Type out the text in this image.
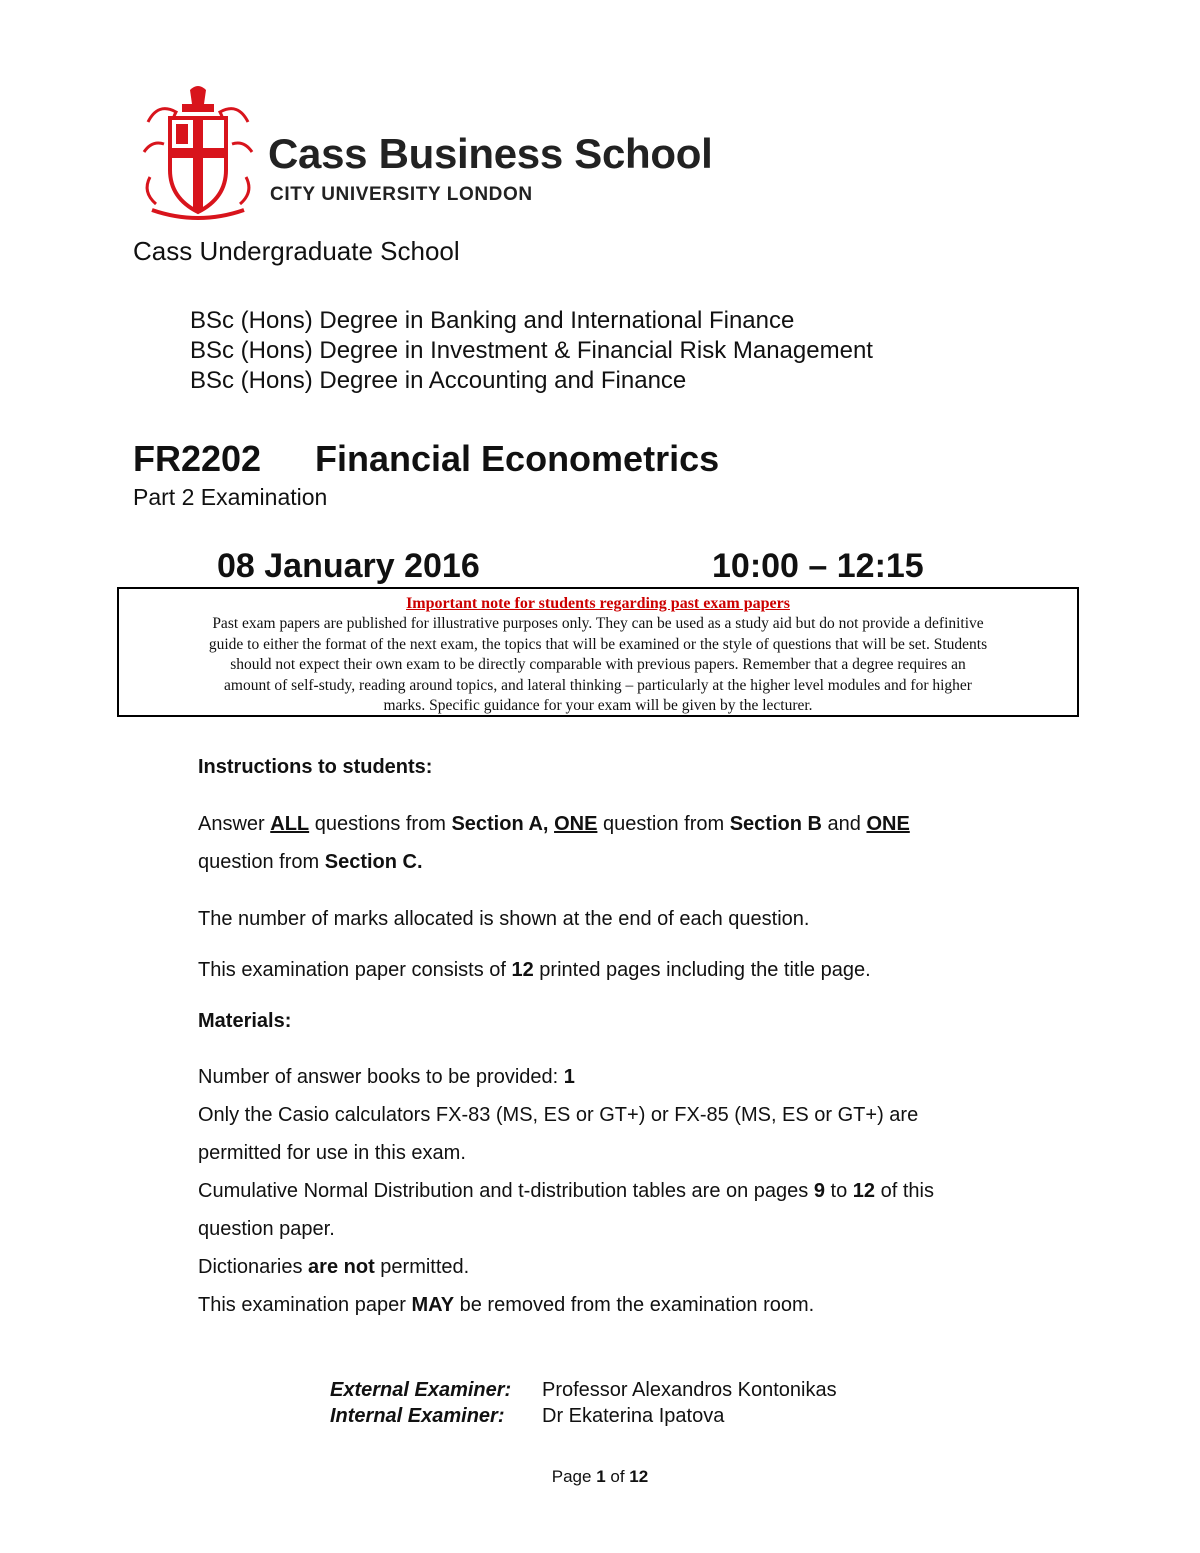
Cass Business School
CITY UNIVERSITY LONDON
Cass Undergraduate School
BSc (Hons) Degree in Banking and International Finance
BSc (Hons) Degree in Investment & Financial Risk Management
BSc (Hons) Degree in Accounting and Finance
FR2202 Financial Econometrics
Part 2 Examination
08 January 2016	10:00 – 12:15
Important note for students regarding past exam papers
Past exam papers are published for illustrative purposes only. They can be used as a study aid but do not provide a definitive
guide to either the format of the next exam, the topics that will be examined or the style of questions that will be set. Students
should not expect their own exam to be directly comparable with previous papers. Remember that a degree requires an
amount of self-study, reading around topics, and lateral thinking – particularly at the higher level modules and for higher
marks. Specific guidance for your exam will be given by the lecturer.
Instructions to students:
Answer ALL questions from Section A, ONE question from Section B and ONE
question from Section C.
The number of marks allocated is shown at the end of each question.
This examination paper consists of 12 printed pages including the title page.
Materials:
Number of answer books to be provided: 1
Only the Casio calculators FX-83 (MS, ES or GT+) or FX-85 (MS, ES or GT+) are
permitted for use in this exam.
Cumulative Normal Distribution and t-distribution tables are on pages 9 to 12 of this
question paper.
Dictionaries are not permitted.
This examination paper MAY be removed from the examination room.
External Examiner: Professor Alexandros Kontonikas
Internal Examiner: Dr Ekaterina Ipatova
Page 1 of 12
